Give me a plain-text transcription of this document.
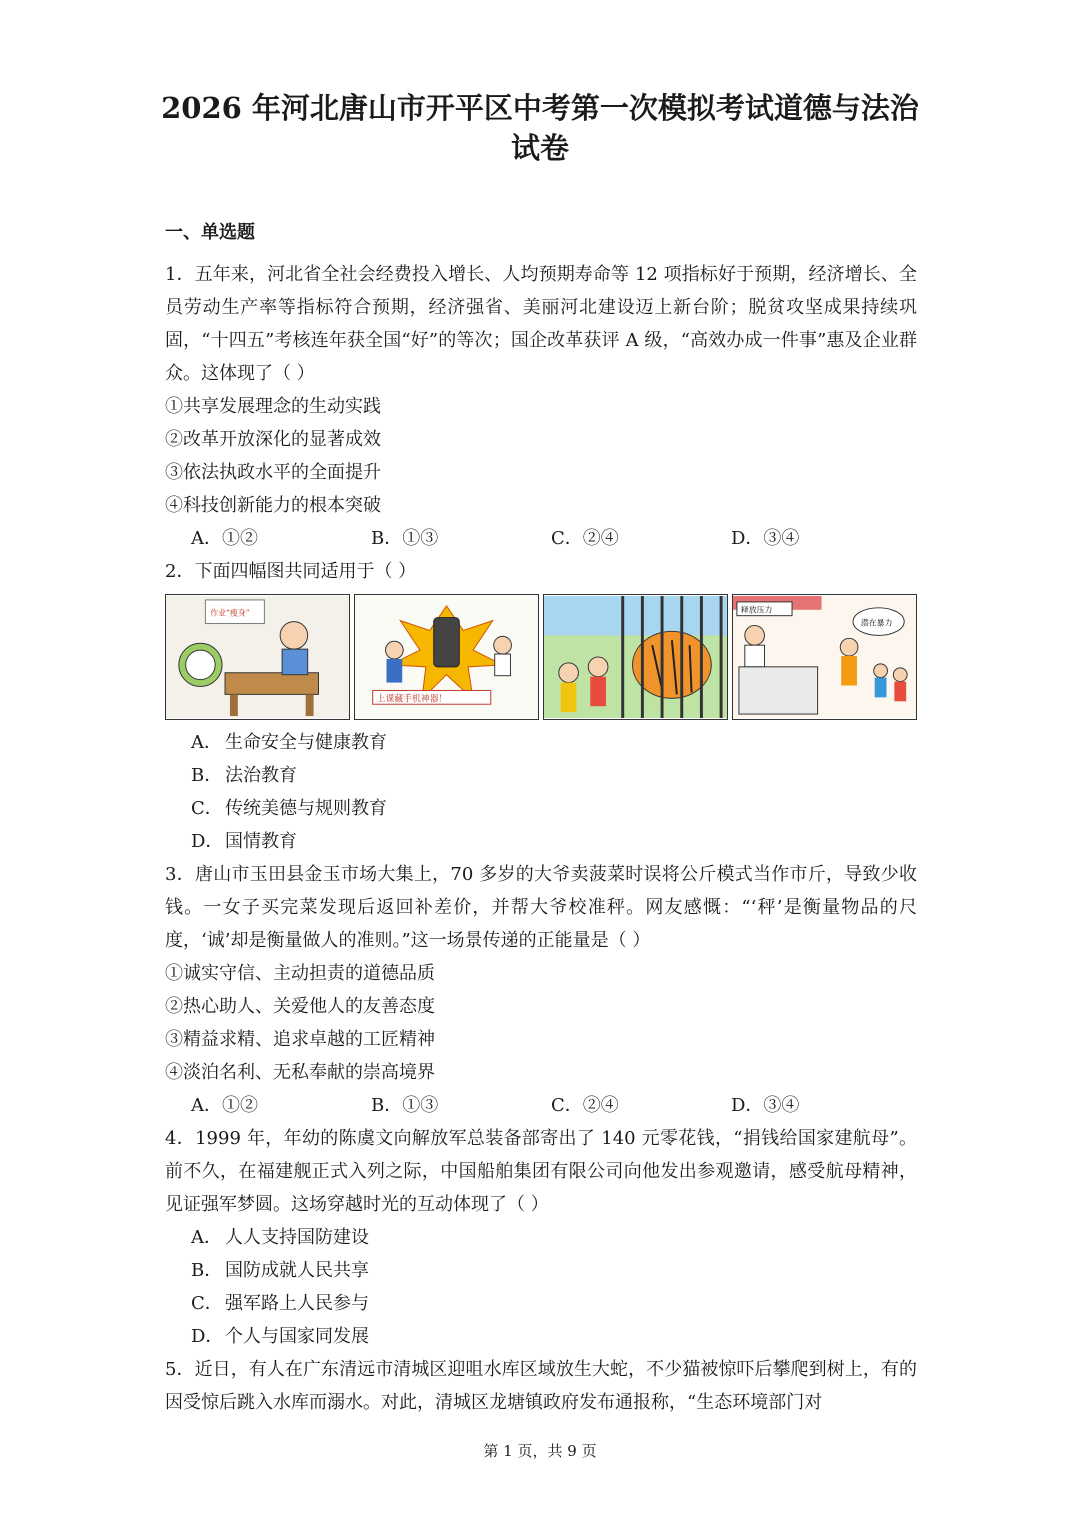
2026 年河北唐山市开平区中考第一次模拟考试道德与法治
试卷
一、单选题
1．五年来，河北省全社会经费投入增长、人均预期寿命等 12 项指标好于预期，经济增长、全员劳动生产率等指标符合预期，经济强省、美丽河北建设迈上新台阶；脱贫攻坚成果持续巩固，“十四五”考核连年获全国“好”的等次；国企改革获评 A 级，“高效办成一件事”惠及企业群众。这体现了（ ）
①共享发展理念的生动实践
②改革开放深化的显著成效
③依法执政水平的全面提升
④科技创新能力的根本突破
A．①②	B．①③	C．②④	D．③④
2．下面四幅图共同适用于（ ）
作业“瘦身”
上课藏手机神器！
释放压力
潜在暴力
A． 生命安全与健康教育
B． 法治教育
C． 传统美德与规则教育
D．国情教育
3．唐山市玉田县金玉市场大集上，70 多岁的大爷卖菠菜时误将公斤模式当作市斤，导致少收钱。一女子买完菜发现后返回补差价，并帮大爷校准秤。网友感慨：“‘秤’是衡量物品的尺度，‘诚’却是衡量做人的准则。”这一场景传递的正能量是（ ）
①诚实守信、主动担责的道德品质
②热心助人、关爱他人的友善态度
③精益求精、追求卓越的工匠精神
④淡泊名利、无私奉献的崇高境界
A．①②	B．①③	C．②④	D．③④
4．1999 年，年幼的陈虞文向解放军总装备部寄出了 140 元零花钱，“捐钱给国家建航母”。前不久，在福建舰正式入列之际，中国船舶集团有限公司向他发出参观邀请，感受航母精神，见证强军梦圆。这场穿越时光的互动体现了（ ）
A． 人人支持国防建设
B． 国防成就人民共享
C． 强军路上人民参与
D．个人与国家同发展
5．近日，有人在广东清远市清城区迎咀水库区域放生大蛇，不少猫被惊吓后攀爬到树上，有的因受惊后跳入水库而溺水。对此，清城区龙塘镇政府发布通报称，“生态环境部门对
第 1 页，共 9 页
